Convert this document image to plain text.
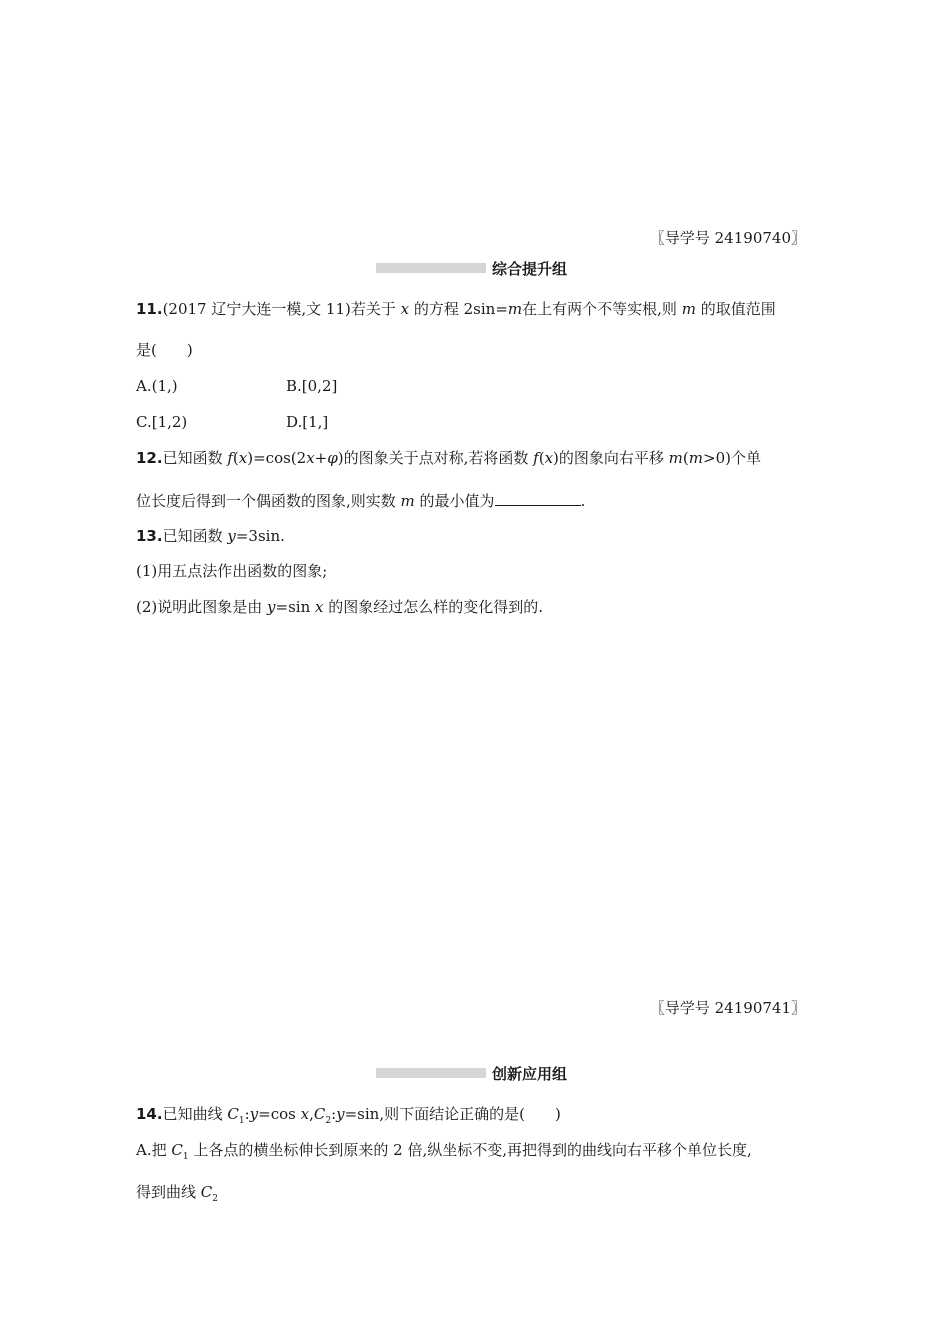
〖导学号 24190740〗
综合提升组
11.(2017 辽宁大连一模,文 11)若关于 x 的方程 2sin=m在上有两个不等实根,则 m 的取值范围
是(　　)
A.(1,)	B.[0,2]
C.[1,2)	D.[1,]
12.已知函数 f(x)=cos(2x+φ)的图象关于点对称,若将函数 f(x)的图象向右平移 m(m>0)个单
位长度后得到一个偶函数的图象,则实数 m 的最小值为	.
13.已知函数 y=3sin.
(1)用五点法作出函数的图象;
(2)说明此图象是由 y=sin x 的图象经过怎么样的变化得到的.
〖导学号 24190741〗
创新应用组
14.已知曲线 $C_1:y=\cos$ $x,C_2:y=\sin$,则下面结论正确的是(　　)
A.把 $C_1$ 上各点的横坐标伸长到原来的 2 倍,纵坐标不变,再把得到的曲线向右平移个单位长度,
得到曲线 $C_2$
